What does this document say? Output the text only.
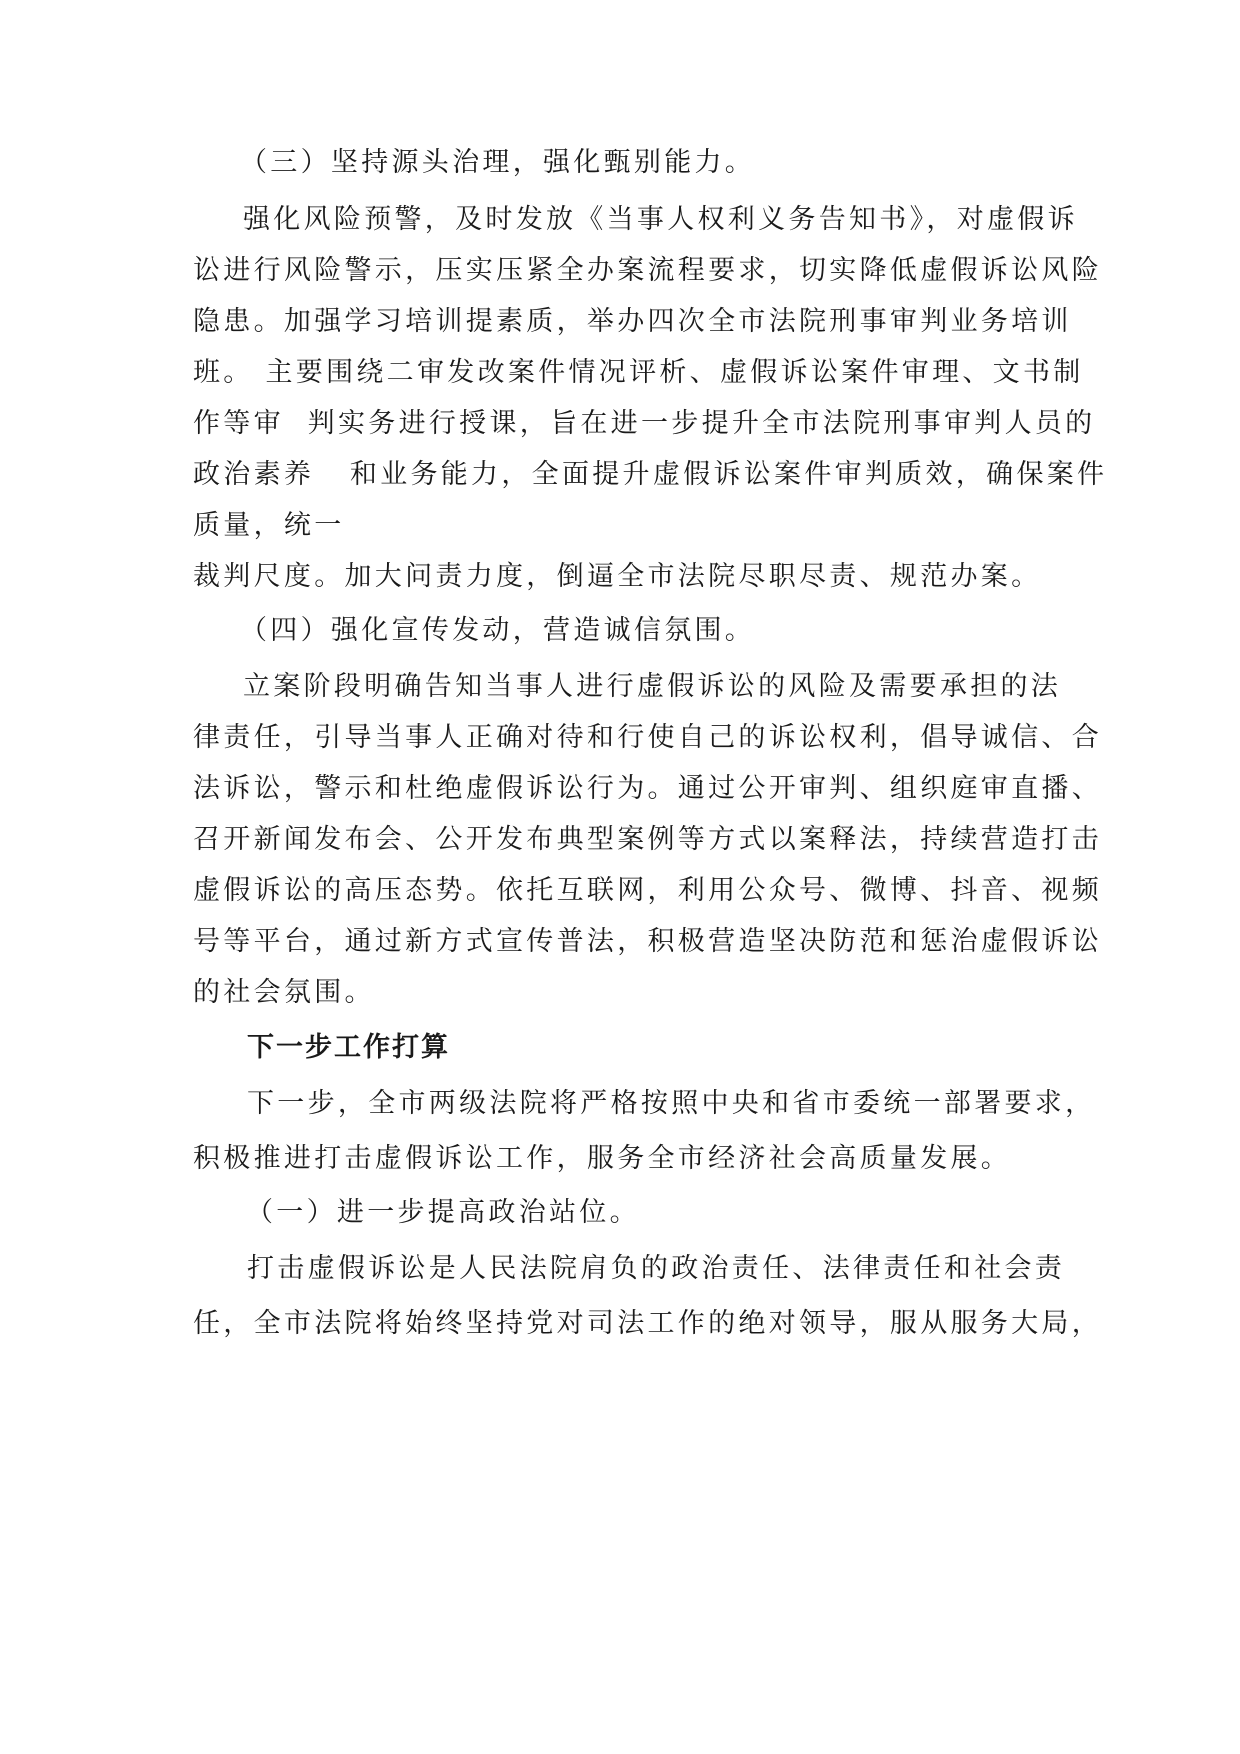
（三）坚持源头治理，强化甄别能力。

强化风险预警，及时发放《当事人权利义务告知书》，对虚假诉

讼进行风险警示，压实压紧全办案流程要求，切实降低虚假诉讼风险

隐患。加强学习培训提素质，举办四次全市法院刑事审判业务培训

班。 主要围绕二审发改案件情况评析、虚假诉讼案件审理、文书制

作等审  判实务进行授课，旨在进一步提升全市法院刑事审判人员的

政治素养   和业务能力，全面提升虚假诉讼案件审判质效，确保案件

质量，统一

裁判尺度。加大问责力度，倒逼全市法院尽职尽责、规范办案。

（四）强化宣传发动，营造诚信氛围。

立案阶段明确告知当事人进行虚假诉讼的风险及需要承担的法

律责任，引导当事人正确对待和行使自己的诉讼权利，倡导诚信、合

法诉讼，警示和杜绝虚假诉讼行为。通过公开审判、组织庭审直播、

召开新闻发布会、公开发布典型案例等方式以案释法，持续营造打击

虚假诉讼的高压态势。依托互联网，利用公众号、微博、抖音、视频

号等平台，通过新方式宣传普法，积极营造坚决防范和惩治虚假诉讼

的社会氛围。

下一步工作打算

下一步，全市两级法院将严格按照中央和省市委统一部署要求，

积极推进打击虚假诉讼工作，服务全市经济社会高质量发展。

（一）进一步提高政治站位。

打击虚假诉讼是人民法院肩负的政治责任、法律责任和社会责

任，全市法院将始终坚持党对司法工作的绝对领导，服从服务大局，
